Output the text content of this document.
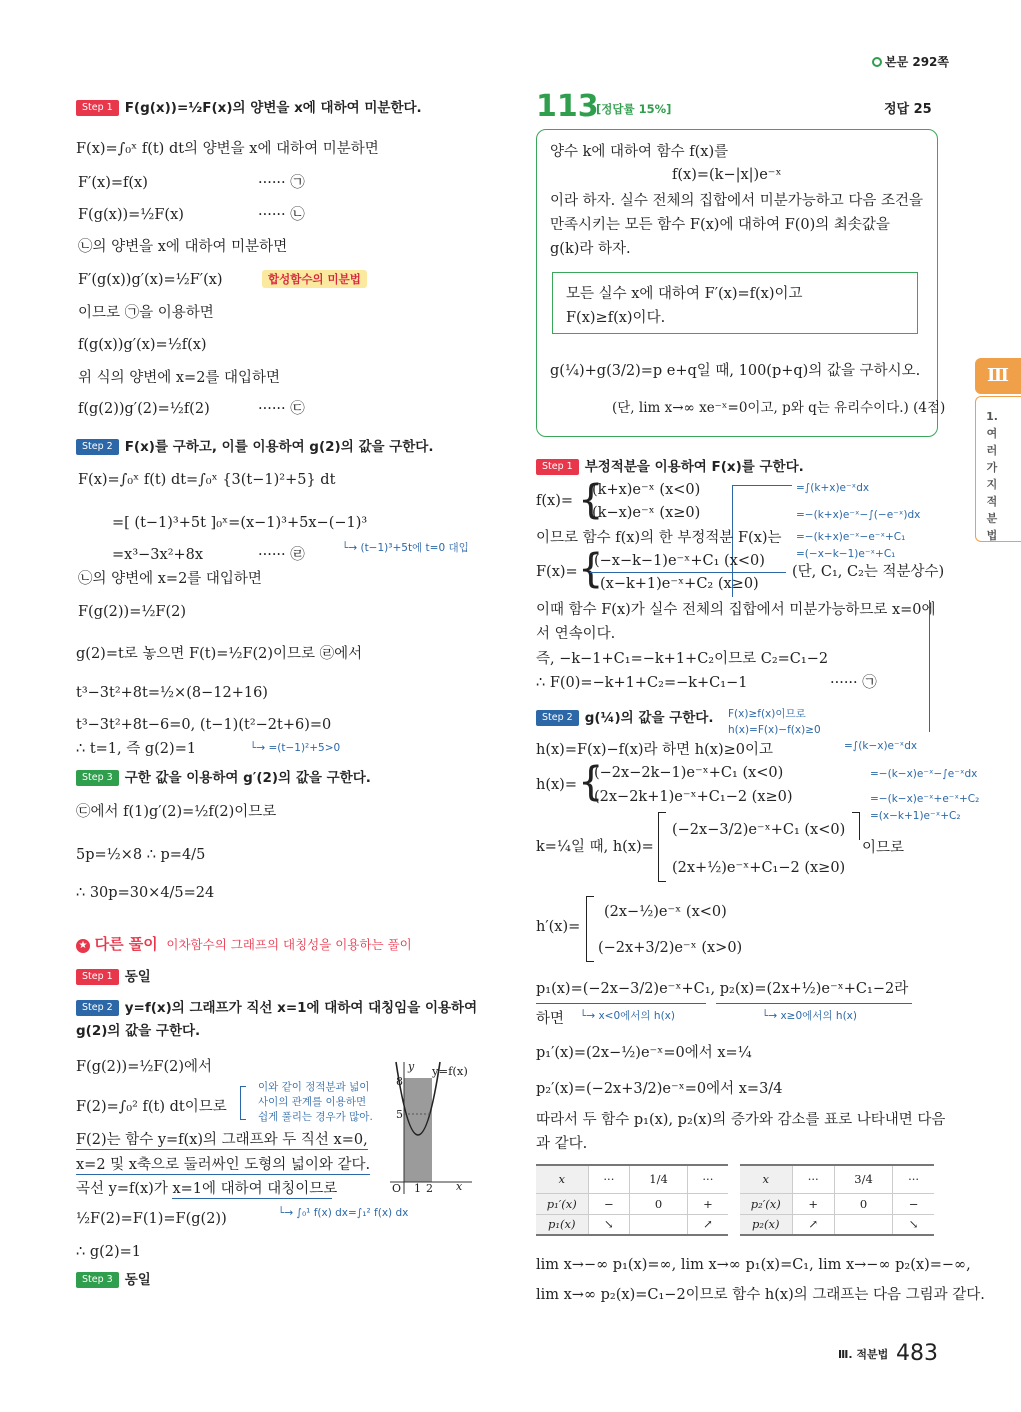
본문 292쪽
Step 1 F(g(x))=½F(x)의 양변을 x에 대하여 미분한다.
F(x)=∫₀ˣ f(t) dt의 양변을 x에 대하여 미분하면
F′(x)=f(x)	······ ㉠
F(g(x))=½F(x)	······ ㉡
㉡의 양변을 x에 대하여 미분하면
F′(g(x))g′(x)=½F′(x)	합성함수의 미분법
이므로 ㉠을 이용하면
f(g(x))g′(x)=½f(x)
위 식의 양변에 x=2를 대입하면
f(g(2))g′(2)=½f(2)	······ ㉢
Step 2 F(x)를 구하고, 이를 이용하여 g(2)의 값을 구한다.
F(x)=∫₀ˣ f(t) dt=∫₀ˣ {3(t−1)²+5} dt
=[ (t−1)³+5t ]₀ˣ=(x−1)³+5x−(−1)³
└→ (t−1)³+5t에 t=0 대입
=x³−3x²+8x	······ ㉣
㉡의 양변에 x=2를 대입하면
F(g(2))=½F(2)
g(2)=t로 놓으면 F(t)=½F(2)이므로 ㉣에서
t³−3t²+8t=½×(8−12+16)
t³−3t²+8t−6=0, (t−1)(t²−2t+6)=0
∴ t=1, 즉 g(2)=1	└→ =(t−1)²+5>0
Step 3 구한 값을 이용하여 g′(2)의 값을 구한다.
㉢에서 f(1)g′(2)=½f(2)이므로
5p=½×8 ∴ p=4/5
∴ 30p=30×4/5=24
★ 다른 풀이 이차함수의 그래프의 대칭성을 이용하는 풀이
Step 1 동일
Step 2 y=f(x)의 그래프가 직선 x=1에 대하여 대칭임을 이용하여
g(2)의 값을 구한다.
F(g(2))=½F(2)에서
F(2)=∫₀² f(t) dt이므로
이와 같이 정적분과 넓이
사이의 관계를 이용하면
쉽게 풀리는 경우가 많아.
F(2)는 함수 y=f(x)의 그래프와 두 직선 x=0,
x=2 및 x축으로 둘러싸인 도형의 넓이와 같다.
곡선 y=f(x)가 x=1에 대하여 대칭이므로
½F(2)=F(1)=F(g(2))	└→ ∫₀¹ f(x) dx=∫₁² f(x) dx
∴ g(2)=1
Step 3 동일
y y=f(x)
8
5
O 1 2 x
113
[정답률 15%]	정답 25
양수 k에 대하여 함수 f(x)를
f(x)=(k−|x|)e⁻ˣ
이라 하자. 실수 전체의 집합에서 미분가능하고 다음 조건을
만족시키는 모든 함수 F(x)에 대하여 F(0)의 최솟값을
g(k)라 하자.
모든 실수 x에 대하여 F′(x)=f(x)이고
F(x)≥f(x)이다.
g(¼)+g(3/2)=p e+q일 때, 100(p+q)의 값을 구하시오.
(단, lim x→∞ xe⁻ˣ=0이고, p와 q는 유리수이다.) (4점)
Step 1 부정적분을 이용하여 F(x)를 구한다.
f(x)= {
(k+x)e⁻ˣ (x<0)
(k−x)e⁻ˣ (x≥0)
=∫(k+x)e⁻ˣdx
=−(k+x)e⁻ˣ−∫(−e⁻ˣ)dx
=−(k+x)e⁻ˣ−e⁻ˣ+C₁
=(−x−k−1)e⁻ˣ+C₁
이므로 함수 f(x)의 한 부정적분 F(x)는
F(x)= {
(−x−k−1)e⁻ˣ+C₁ (x<0)
(x−k+1)e⁻ˣ+C₂ (x≥0)
(단, C₁, C₂는 적분상수)
이때 함수 F(x)가 실수 전체의 집합에서 미분가능하므로 x=0에
서 연속이다.
즉, −k−1+C₁=−k+1+C₂이므로 C₂=C₁−2
∴ F(0)=−k+1+C₂=−k+C₁−1	······ ㉠
Step 2 g(¼)의 값을 구한다. F(x)≥f(x)이므로
h(x)=F(x)−f(x)≥0
h(x)=F(x)−f(x)라 하면 h(x)≥0이고
h(x)= {
(−2x−2k−1)e⁻ˣ+C₁ (x<0)
(2x−2k+1)e⁻ˣ+C₁−2 (x≥0)
=∫(k−x)e⁻ˣdx
=−(k−x)e⁻ˣ−∫e⁻ˣdx
=−(k−x)e⁻ˣ+e⁻ˣ+C₂
=(x−k+1)e⁻ˣ+C₂
k=¼일 때, h(x)=
(−2x−3/2)e⁻ˣ+C₁ (x<0)
(2x+½)e⁻ˣ+C₁−2 (x≥0)
이므로
h′(x)=
(2x−½)e⁻ˣ (x<0)
(−2x+3/2)e⁻ˣ (x>0)
p₁(x)=(−2x−3/2)e⁻ˣ+C₁, p₂(x)=(2x+½)e⁻ˣ+C₁−2라
하면 └→ x<0에서의 h(x)	└→ x≥0에서의 h(x)
p₁′(x)=(2x−½)e⁻ˣ=0에서 x=¼
p₂′(x)=(−2x+3/2)e⁻ˣ=0에서 x=3/4
따라서 두 함수 p₁(x), p₂(x)의 증가와 감소를 표로 나타내면 다음
과 같다.
x	···	1/4	···
p₁′(x)	−	0	+
p₁(x)	↘		↗
x	···	3/4	···
p₂′(x)	+	0	−
p₂(x)	↗		↘
lim x→−∞ p₁(x)=∞, lim x→∞ p₁(x)=C₁, lim x→−∞ p₂(x)=−∞,
lim x→∞ p₂(x)=C₁−2이므로 함수 h(x)의 그래프는 다음 그림과 같다.
Ⅲ
1.여러가지적분법
Ⅲ. 적분법 483
